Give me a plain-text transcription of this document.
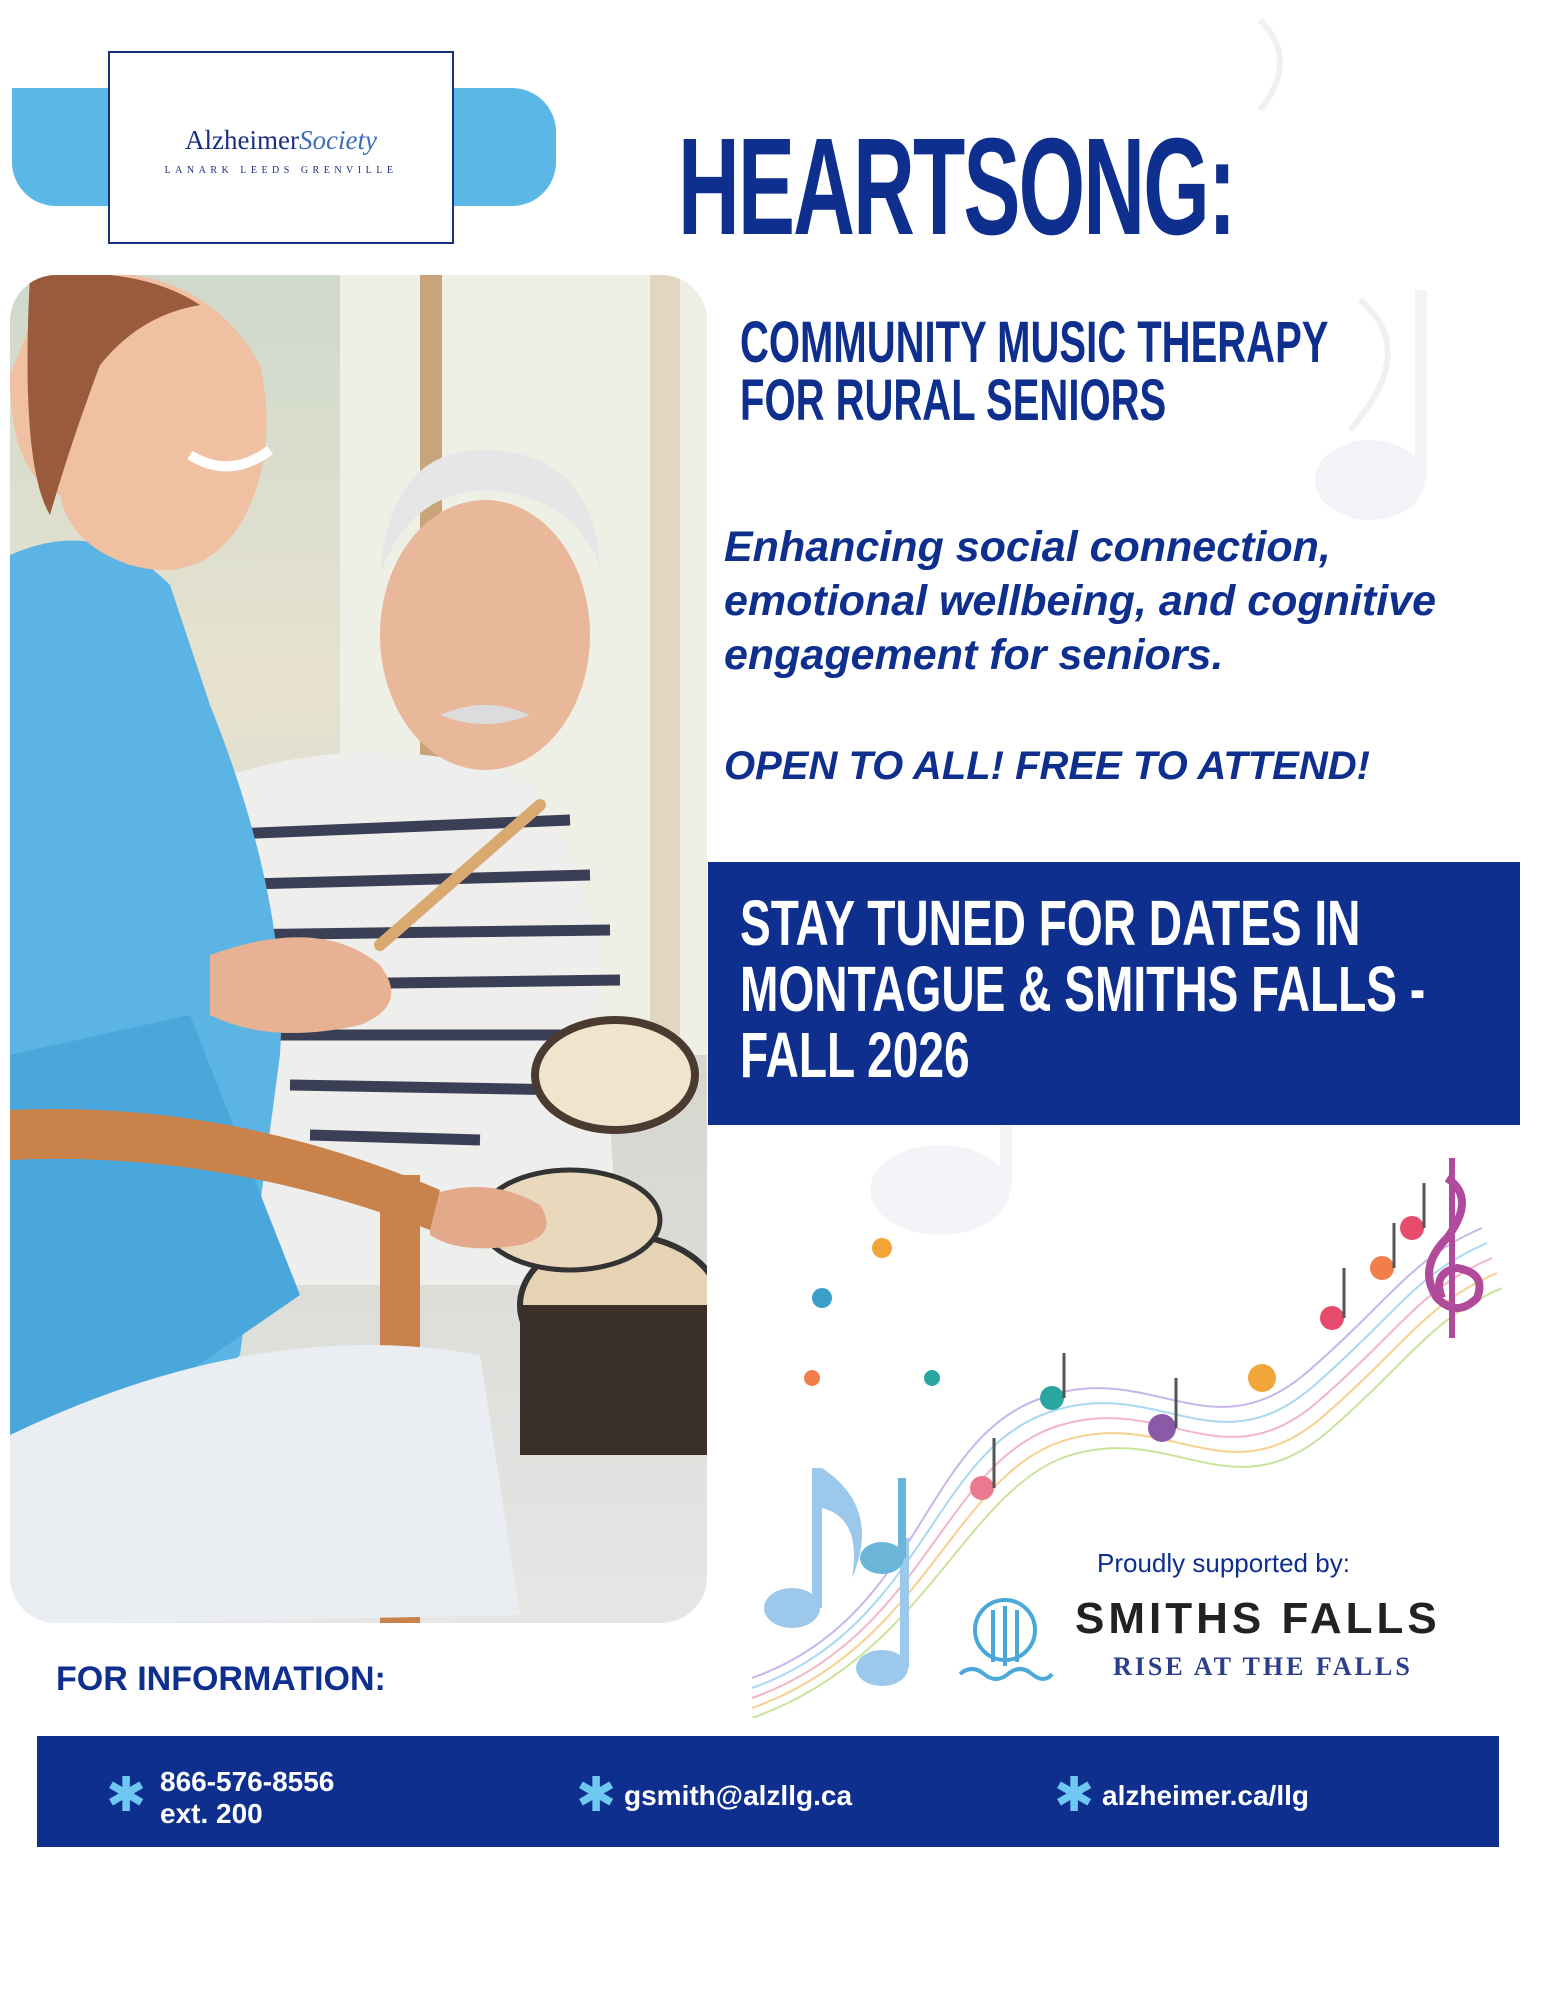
AlzheimerSociety
LANARK LEEDS GRENVILLE	HEARTSONG:
COMMUNITY MUSIC THERAPY
FOR RURAL SENIORS
Enhancing social connection,
emotional wellbeing, and cognitive
engagement for seniors.
OPEN TO ALL! FREE TO ATTEND!
STAY TUNED FOR DATES IN
MONTAGUE & SMITHS FALLS -
FALL 2026
Proudly supported by:
SMITHS FALLS
RISE AT THE FALLS
FOR INFORMATION:
✱ 866-576-8556
ext. 200	✱ gsmith@alzllg.ca	✱ alzheimer.ca/llg
